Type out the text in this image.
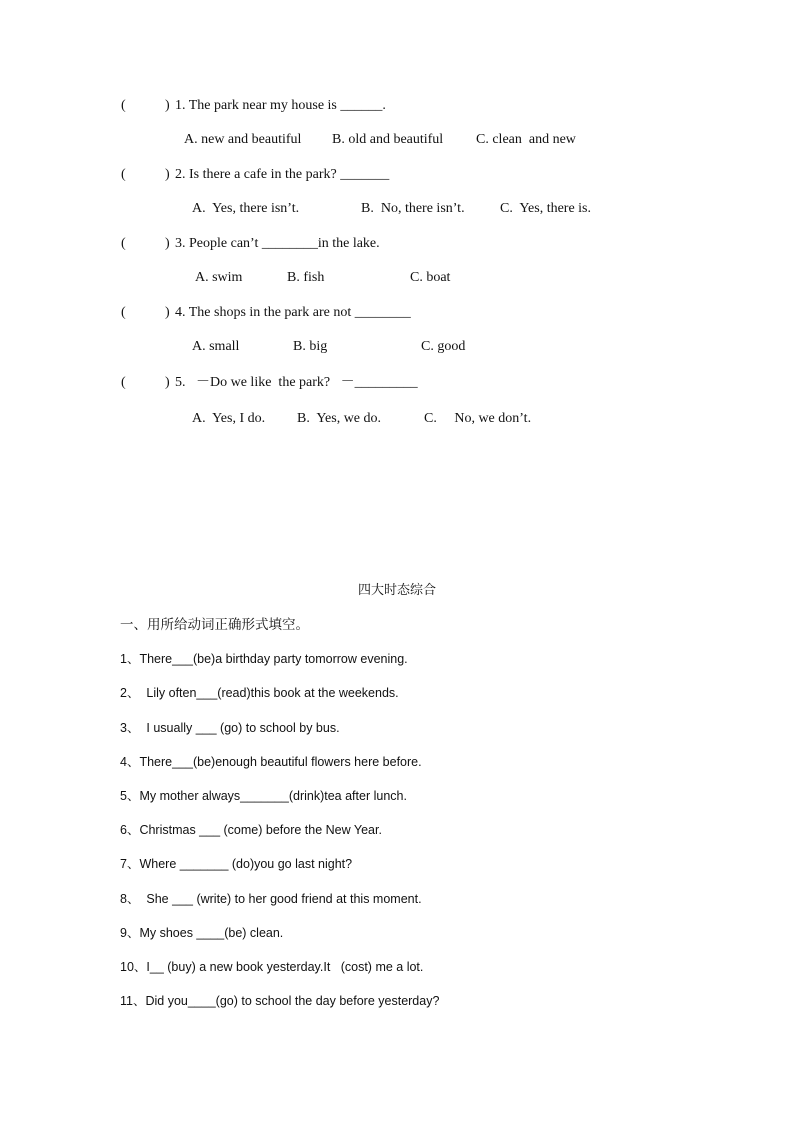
(	) 1. The park near my house is ______.
A. new and beautiful B. old and beautiful C. clean  and new
(	) 2. Is there a cafe in the park? _______
A.  Yes, there isn’t.	B.  No, there isn’t.	C.  Yes, there is.
(	) 3. People can’t ________in the lake.
A. swim	B. fish	C. boat
(	) 4. The shops in the park are not ________
A. small	B. big	C. good
(	) 5.   －Do we like  the park?   －_________
A.  Yes, I do. B.  Yes, we do.	C.     No, we don’t.
四大时态综合
一、用所给动词正确形式填空。
1、There___(be)a birthday party tomorrow evening.
2、  Lily often___(read)this book at the weekends.
3、  I usually ___ (go) to school by bus.
4、There___(be)enough beautiful flowers here before.
5、My mother always_______(drink)tea after lunch.
6、Christmas ___ (come) before the New Year.
7、Where _______ (do)you go last night?
8、  She ___ (write) to her good friend at this moment.
9、My shoes ____(be) clean.
10、I__ (buy) a new book yesterday.It   (cost) me a lot.
11、Did you____(go) to school the day before yesterday?
